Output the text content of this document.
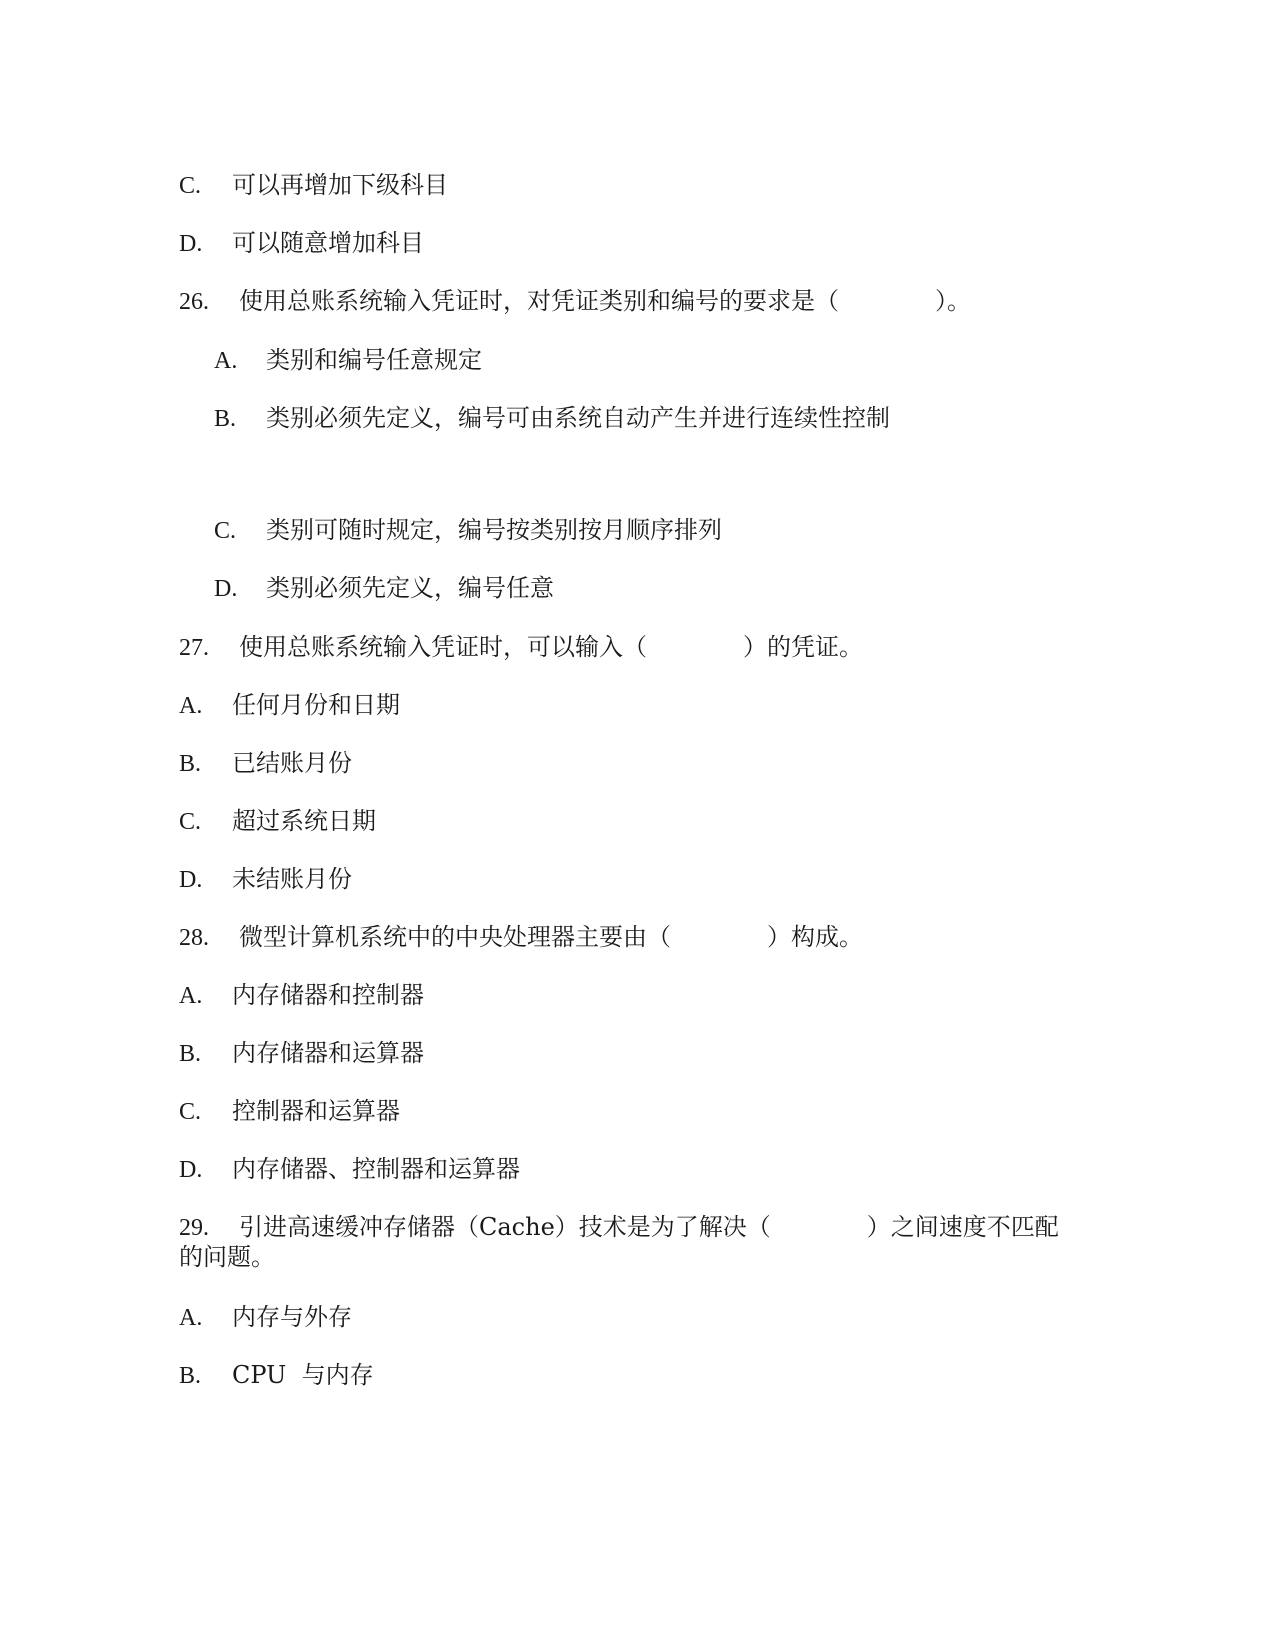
C. 可以再增加下级科目
D. 可以随意增加科目
26. 使用总账系统输入凭证时，对凭证类别和编号的要求是（　　　　）。
A. 类别和编号任意规定
B. 类别必须先定义，编号可由系统自动产生并进行连续性控制
C. 类别可随时规定，编号按类别按月顺序排列
D. 类别必须先定义，编号任意
27. 使用总账系统输入凭证时，可以输入（　　　　）的凭证。
A. 任何月份和日期
B. 已结账月份
C. 超过系统日期
D. 未结账月份
28. 微型计算机系统中的中央处理器主要由（　　　　）构成。
A. 内存储器和控制器
B. 内存储器和运算器
C. 控制器和运算器
D. 内存储器、控制器和运算器
29. 引进高速缓冲存储器（Cache）技术是为了解决（　　　　）之间速度不匹配
的问题。
A. 内存与外存
B. CPU  与内存
